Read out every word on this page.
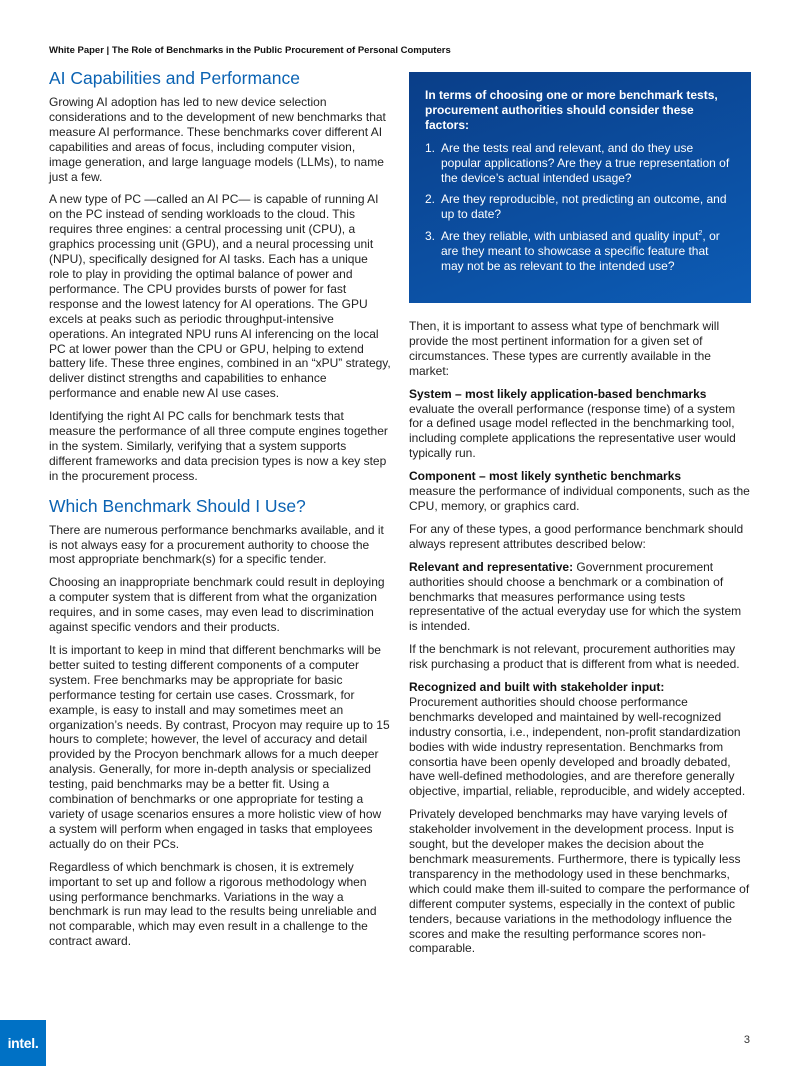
White Paper | The Role of Benchmarks in the Public Procurement of Personal Computers
AI Capabilities and Performance

Growing AI adoption has led to new device selection considerations and to the development of new benchmarks that measure AI performance. These benchmarks cover different AI capabilities and areas of focus, including computer vision, image generation, and large language models (LLMs), to name just a few.

A new type of PC —called an AI PC— is capable of running AI on the PC instead of sending workloads to the cloud. This requires three engines: a central processing unit (CPU), a graphics processing unit (GPU), and a neural processing unit (NPU), specifically designed for AI tasks. Each has a unique role to play in providing the optimal balance of power and performance. The CPU provides bursts of power for fast response and the lowest latency for AI operations. The GPU excels at peaks such as periodic throughput-intensive operations. An integrated NPU runs AI inferencing on the local PC at lower power than the CPU or GPU, helping to extend battery life. These three engines, combined in an “xPU” strategy, deliver distinct strengths and capabilities to enhance performance and enable new AI use cases.

Identifying the right AI PC calls for benchmark tests that measure the performance of all three compute engines together in the system. Similarly, verifying that a system supports different frameworks and data precision types is now a key step in the procurement process.

Which Benchmark Should I Use?

There are numerous performance benchmarks available, and it is not always easy for a procurement authority to choose the most appropriate benchmark(s) for a specific tender.

Choosing an inappropriate benchmark could result in deploying a computer system that is different from what the organization requires, and in some cases, may even lead to discrimination against specific vendors and their products.

It is important to keep in mind that different benchmarks will be better suited to testing different components of a computer system. Free benchmarks may be appropriate for basic performance testing for certain use cases. Crossmark, for example, is easy to install and may sometimes meet an organization’s needs. By contrast, Procyon may require up to 15 hours to complete; however, the level of accuracy and detail provided by the Procyon benchmark allows for a much deeper analysis. Generally, for more in-depth analysis or specialized testing, paid benchmarks may be a better fit. Using a combination of benchmarks or one appropriate for testing a variety of usage scenarios ensures a more holistic view of how a system will perform when engaged in tasks that employees actually do on their PCs.

Regardless of which benchmark is chosen, it is extremely important to set up and follow a rigorous methodology when using performance benchmarks. Variations in the way a benchmark is run may lead to the results being unreliable and not comparable, which may even result in a challenge to the contract award.

In terms of choosing one or more benchmark tests, procurement authorities should consider these factors:

1. Are the tests real and relevant, and do they use popular applications? Are they a true representation of the device’s actual intended usage?
2. Are they reproducible, not predicting an outcome, and up to date?
3. Are they reliable, with unbiased and quality input$^2$, or are they meant to showcase a specific feature that may not be as relevant to the intended use?

Then, it is important to assess what type of benchmark will provide the most pertinent information for a given set of circumstances. These types are currently available in the market:

System – most likely application-based benchmarks
evaluate the overall performance (response time) of a system for a defined usage model reflected in the benchmarking tool, including complete applications the representative user would typically run.

Component – most likely synthetic benchmarks
measure the performance of individual components, such as the CPU, memory, or graphics card.

For any of these types, a good performance benchmark should always represent attributes described below:

Relevant and representative: Government procurement authorities should choose a benchmark or a combination of benchmarks that measures performance using tests representative of the actual everyday use for which the system is intended.

If the benchmark is not relevant, procurement authorities may risk purchasing a product that is different from what is needed.

Recognized and built with stakeholder input:
Procurement authorities should choose performance benchmarks developed and maintained by well-recognized industry consortia, i.e., independent, non-profit standardization bodies with wide industry representation. Benchmarks from consortia have been openly developed and broadly debated, have well-defined methodologies, and are therefore generally objective, impartial, reliable, reproducible, and widely accepted.

Privately developed benchmarks may have varying levels of stakeholder involvement in the development process. Input is sought, but the developer makes the decision about the benchmark measurements. Furthermore, there is typically less transparency in the methodology used in these benchmarks, which could make them ill-suited to compare the performance of different computer systems, especially in the context of public tenders, because variations in the methodology influence the scores and make the resulting performance scores non-comparable.

intel.	3
